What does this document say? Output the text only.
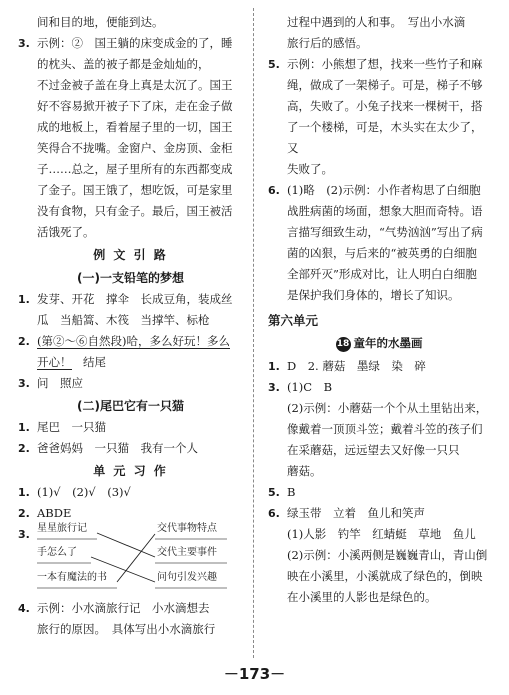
间和目的地，便能到达。

3. 示例：②　国王躺的床变成金的了，睡
的枕头、盖的被子都是金灿灿的，
不过金被子盖在身上真是太沉了。国王
好不容易掀开被子下了床，走在金子做
成的地板上，看着屋子里的一切，国王
笑得合不拢嘴。金窗户、金房顶、金柜
子……总之，屋子里所有的东西都变成
了金子。国王饿了，想吃饭，可是家里
没有食物，只有金子。最后，国王被活
活饿死了。

例 文 引 路

(一)一支铅笔的梦想

1. 发芽、开花　撑伞　长成豆角，装成丝
瓜　当船篙、木筏　当撑竿、标枪
2. (第②～⑥自然段)哈，多么好玩！多么
开心！　结尾
3. 问　照应

(二)尾巴它有一只猫

1. 尾巴　一只猫
2. 爸爸妈妈　一只猫　我有一个人

单 元 习 作

1. (1)√　(2)√　(3)√
2. ABDE
3. 星星旅行记
手怎么了
一本有魔法的书
交代事物特点
交代主要事件
问句引发兴趣
4. 示例：小水滴旅行记　小水滴想去
旅行的原因。　具体写出小水滴旅行

过程中遇到的人和事。　写出小水滴

旅行后的感悟。

5. 示例：小熊想了想，找来一些竹子和麻
绳，做成了一架梯子。可是，梯子不够
高，失败了。小兔子找来一棵树干，搭
了一个楼梯，可是，木头实在太少了，又
失败了。
6. (1)略　(2)示例：小作者构思了白细胞
战胜病菌的场面，想象大胆而奇特。语
言描写细致生动，“气势汹汹”写出了病
菌的凶狠，与后来的“被英勇的白细胞
全部歼灭”形成对比，让人明白白细胞
是保护我们身体的，增长了知识。

第六单元

18 童年的水墨画

1. D　2. 蘑菇　墨绿　染　碎
3. (1)C　B
(2)示例：小蘑菇一个个从土里钻出来，
像戴着一顶顶斗笠；戴着斗笠的孩子们
在采蘑菇，远远望去又好像一只只
蘑菇。
5. B
6. 绿玉带　立着　鱼儿和笑声
(1)人影　钓竿　红蜻蜓　草地　鱼儿
(2)示例：小溪两侧是巍巍青山，青山倒
映在小溪里，小溪就成了绿色的，倒映
在小溪里的人影也是绿色的。
－173－
